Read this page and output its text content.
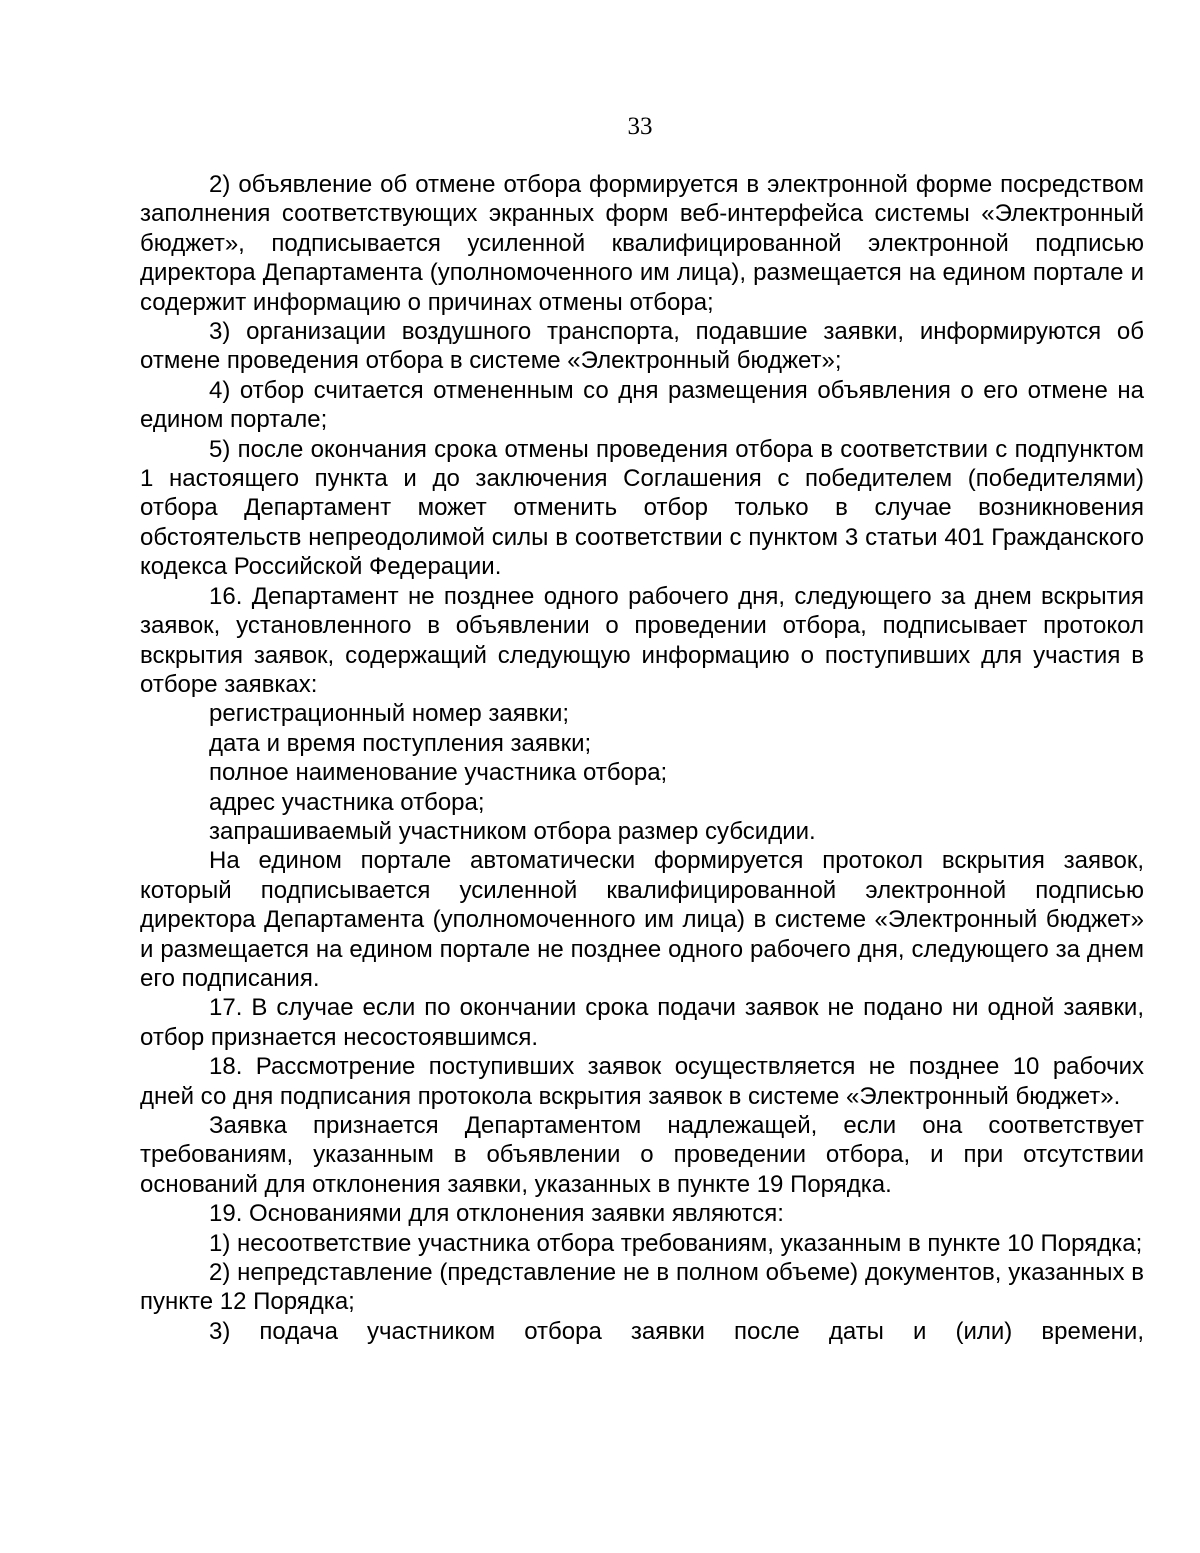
33

2) объявление об отмене отбора формируется в электронной форме посредством заполнения соответствующих экранных форм веб-интерфейса системы «Электронный бюджет», подписывается усиленной квалифицированной электронной подписью директора Департамента (уполномоченного им лица), размещается на едином портале и содержит информацию о причинах отмены отбора;

3) организации воздушного транспорта, подавшие заявки, информируются об отмене проведения отбора в системе «Электронный бюджет»;

4) отбор считается отмененным со дня размещения объявления о его отмене на едином портале;

5) после окончания срока отмены проведения отбора в соответствии с подпунктом 1 настоящего пункта и до заключения Соглашения с победителем (победителями) отбора Департамент может отменить отбор только в случае возникновения обстоятельств непреодолимой силы в соответствии с пунктом 3 статьи 401 Гражданского кодекса Российской Федерации.

16. Департамент не позднее одного рабочего дня, следующего за днем вскрытия заявок, установленного в объявлении о проведении отбора, подписывает протокол вскрытия заявок, содержащий следующую информацию о поступивших для участия в отборе заявках:

регистрационный номер заявки;

дата и время поступления заявки;

полное наименование участника отбора;

адрес участника отбора;

запрашиваемый участником отбора размер субсидии.

На едином портале автоматически формируется протокол вскрытия заявок, который подписывается усиленной квалифицированной электронной подписью директора Департамента (уполномоченного им лица) в системе «Электронный бюджет» и размещается на едином портале не позднее одного рабочего дня, следующего за днем его подписания.

17. В случае если по окончании срока подачи заявок не подано ни одной заявки, отбор признается несостоявшимся.

18. Рассмотрение поступивших заявок осуществляется не позднее 10 рабочих дней со дня подписания протокола вскрытия заявок в системе «Электронный бюджет».

Заявка признается Департаментом надлежащей, если она соответствует требованиям, указанным в объявлении о проведении отбора, и при отсутствии оснований для отклонения заявки, указанных в пункте 19 Порядка.

19. Основаниями для отклонения заявки являются:

1) несоответствие участника отбора требованиям, указанным в пункте 10 Порядка;

2) непредставление (представление не в полном объеме) документов, указанных в пункте 12 Порядка;

3) подача участником отбора заявки после даты и (или) времени,
